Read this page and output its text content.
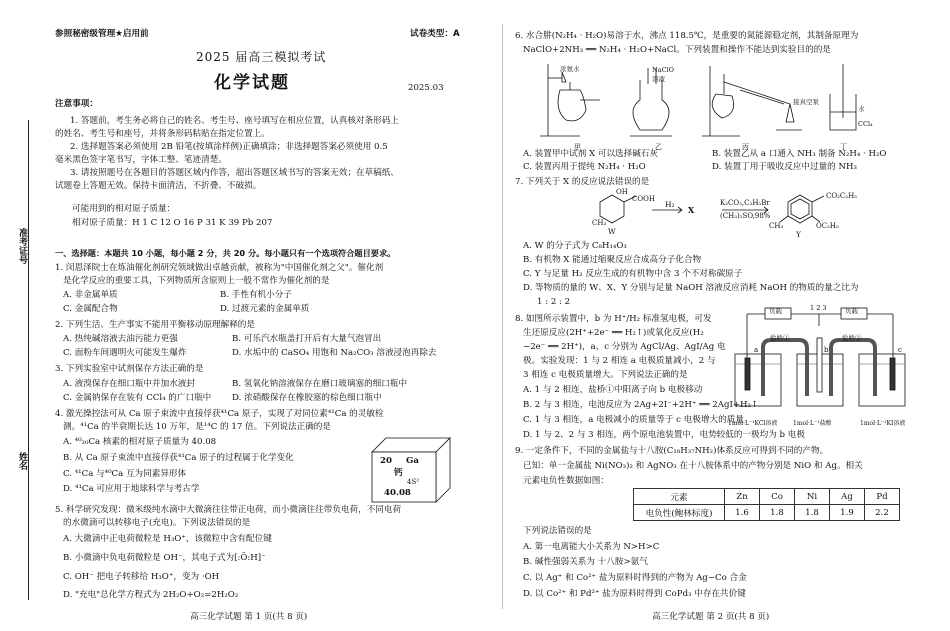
准考证号
姓名
参照秘密级管理★启用前	试卷类型：A
2025 届高三模拟考试
化学试题	2025.03
注意事项：
1. 答题前，考生务必将自己的姓名、考生号、座号填写在相应位置，认真核对条形码上
的姓名、考生号和座号，并将条形码粘贴在指定位置上。
2. 选择题答案必须使用 2B 铅笔(按填涂样例)正确填涂；非选择题答案必须使用 0.5
毫米黑色签字笔书写，字体工整、笔迹清楚。
3. 请按照题号在各题目的答题区域内作答，超出答题区域书写的答案无效；在草稿纸、
试题卷上答题无效。保持卡面清洁，不折叠、不破损。
可能用到的相对原子质量：
相对原子质量：H 1 C 12 O 16 P 31 K 39 Pb 207
一、选择题：本题共 10 小题，每小题 2 分，共 20 分。每小题只有一个选项符合题目要求。
1. 闵恩泽院士在炼油催化剂研究领域做出卓越贡献，被称为"中国催化剂之父"。催化剂
是化学反应的重要工具，下列物质所含原则上一般不常作为催化剂的是
A. 非金属单质	B. 手性有机小分子
C. 金属配合物	D. 过渡元素的金属单质
2. 下列生活、生产事实不能用平衡移动原理解释的是
A. 热纯碱溶液去油污能力更强	B. 可乐汽水瓶盖打开后有大量气泡冒出
C. 面粉车间遇明火可能发生爆炸	D. 水垢中的 CaSO₄ 用饱和 Na₂CO₃ 溶液浸泡再除去
3. 下列实验室中试剂保存方法正确的是
A. 液溴保存在细口瓶中并加水液封	B. 氢氧化钠溶液保存在磨口玻璃塞的细口瓶中
C. 金属钠保存在装有 CCl₄ 的广口瓶中 D. 浓硝酸保存在橡胶塞的棕色细口瓶中
4. 激光操控法可从 Ca 原子束流中直接俘获⁴¹Ca 原子，实现了对同位素⁴¹Ca 的灵敏检
测。⁴¹Ca 的半衰期长达 10 万年，是¹⁴C 的 17 倍。下列说法正确的是
A. ⁴⁰₂₀Ca 核素的相对原子质量为 40.08
B. 从 Ca 原子束流中直接俘获⁴¹Ca 原子的过程属于化学变化
C. ⁴¹Ca 与⁴⁰Ca 互为同素异形体
D. ⁴¹Ca 可应用于地球科学与考古学
20 Ga
钙
4S²
40.08
5. 科学研究发现：微米级纯水滴中大微滴往往带正电荷，而小微滴往往带负电荷，不同电荷
的水微滴可以转移电子(充电)。下列说法错误的是
A. 大微滴中正电荷微粒是 H₃O⁺，该微粒中含有配位键
B. 小微滴中负电荷微粒是 OH⁻，其电子式为[:Ö:H]⁻
C. OH⁻ 把电子转移给 H₃O⁺，变为 ·OH
D. "充电"总化学方程式为 2H₂O+O₂=2H₂O₂
高三化学试题 第 1 页(共 8 页)
6. 水合肼(N₂H₄ · H₂O)易溶于水，沸点 118.5℃，是重要的氮能源稳定剂，其制备原理为
NaClO+2NH₃ ══ N₂H₄ · H₂O+NaCl。下列装置和操作不能达到实验目的的是
浓氨水	NaClO 溶液
接真空泵
水
CCl₄
甲	乙	丙	丁
A. 装置甲中试剂 X 可以选择碱石灰	B. 装置乙从 a 口通入 NH₃ 制备 N₂H₄ · H₂O
C. 装置丙用于提纯 N₂H₄ · H₂O	D. 装置丁用于吸收反应中过量的 NH₃
7. 下列关于 X 的反应说法错误的是
OH
COOH
CH₃
W
H₂
X
K₂CO₃,C₂H₅Br
(CH₃)₂SO,98%
CO₂C₂H₅
OC₂H₅
CH₃
Y
A. W 的分子式为 C₈H₁₄O₃
B. 有机物 X 能通过缩聚反应合成高分子化合物
C. Y 与足量 H₂ 反应生成的有机物中含 3 个不对称碳原子
D. 等物质的量的 W、X、Y 分别与足量 NaOH 溶液反应消耗 NaOH 的物质的量之比为
1 : 2 : 2
8. 如图所示装置中，b 为 H⁺/H₂ 标准氢电极，可发
生还原反应(2H⁺+2e⁻ ══ H₂↑)或氧化反应(H₂
−2e⁻ ══ 2H⁺)，a、c 分别为 AgCl/Ag、AgI/Ag 电
极。实验发现：1 与 2 相连 a 电极质量减小，2 与
3 相连 c 电极质量增大。下列说法正确的是
负载	负载
1 2 3
盐桥①	盐桥②
a	b	c
1mol·L⁻¹KCl溶液	1mol·L⁻¹盐酸	1mol·L⁻¹KI溶液
A. 1 与 2 相连，盐桥①中阳离子向 b 电极移动
B. 2 与 3 相连，电池反应为 2Ag+2I⁻+2H⁺ ══ 2AgI+H₂↑
C. 1 与 3 相连，a 电极减小的质量等于 c 电极增大的质量
D. 1 与 2、2 与 3 相连，两个原电池装置中，电势较低的一极均为 b 电极
9. 一定条件下，不同的金属盐与十八胺(C₁₈H₃₇NH₂)体系反应可得到不同的产物。
已知：单一金属盐 Ni(NO₃)₂ 和 AgNO₃ 在十八胺体系中的产物分别是 NiO 和 Ag。相关
元素电负性数据如图：
元素	Zn	Co	Ni	Ag	Pd
电负性(鲍林标度)	1.6	1.8	1.8	1.9	2.2
下列说法错误的是
A. 第一电离能大小关系为 N>H>C
B. 碱性强弱关系为 十八胺>氨气
C. 以 Ag⁺ 和 Co²⁺ 盐为原料时得到的产物为 Ag−Co 合金
D. 以 Co²⁺ 和 Pd²⁺ 盐为原料时得到 CoPd₃ 中存在共价键
高三化学试题 第 2 页(共 8 页)
